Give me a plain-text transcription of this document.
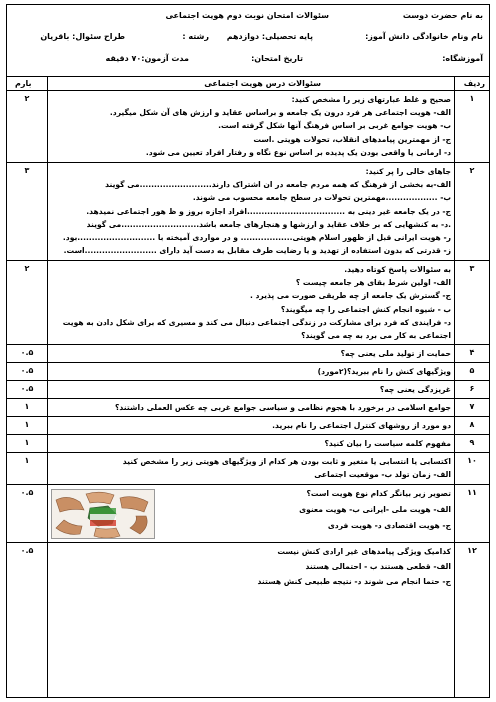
به نام حضرت دوست
سئوالات امتحان نوبت دوم هویت اجتماعی
نام ونام خانوادگی دانش آموز:
پایه تحصیلی: دوازدهم
رشته :
طراح سئوال: باقریان
آموزشگاه:
تاریخ امتحان:
مدت آزمون:۷۰ دقیقه
ردیف
سئوالات درس هویت اجتماعی
بارم
۱
صحیح و غلط عبارتهای زیر را مشخص کنید:
الف- هویت اجتماعی هر فرد درون یک جامعه و براساس عقاید و ارزش های آن شکل میگیرد.
ب- هویت جوامع غربی بر اساس فرهنگ آنها شکل گرفته است.
ج- از مهمترین پیامدهای انقلاب، تحولات هویتی .است
د- ارمانی یا واقعی بودن یک پدیده بر اساس نوع نگاه و رفتار افراد تعیین می شود.
۲
۲
جاهای خالی را پر کنید:
الف-به بخشی از فرهنگ که همه مردم جامعه در ان اشتراک دارند.........................می گویند
ب- ..................مهمترین تحولات در سطح جامعه محسوب می شوند.
ج- در یک جامعه غیر دینی به ..................................افراد اجازه بروز و ظ هور اجتماعی نمیدهد.
.د- به کنشهایی که بر خلاف عقاید و ارزشها و هنجارهای جامعه باشد...........................می گویند
ر- هویت ایرانی قبل از ظهور اسلام هویتی.................. و در مواردی آمیخته با ...........................بود.
ز- قدرتی که بدون استفاده از تهدید و یا رضایت طرف مقابل به دست آید دارای .........................است.
۳
۳
به سئوالات پاسخ کوتاه دهید.
الف- اولین شرط بقای هر جامعه چیست ؟
ج- گسترش یک جامعه از چه طریقی صورت می پذیرد .
ب - شیوه انجام کنش اجتماعی را چه میگویند؟
د- فرایندی که فرد برای مشارکت در زندگی اجتماعی دنبال می کند و مسیری که برای شکل دادن به هویت
اجتماعی به کار می برد به چه می گویند؟
۲
۴
حمایت از تولید ملی یعنی چه؟
۰.۵
۵
ویژگیهای کنش را نام ببرید؟(۲مورد)
۰.۵
۶
غریزدگی یعنی چه؟
۰.۵
۷
جوامع اسلامی در برخورد با هجوم نظامی و سیاسی جوامع غربی چه عکس العملی داشتند؟
۱
۸
دو مورد از روشهای کنترل اجتماعی را نام ببرید.
۱
۹
مفهوم کلمه سیاست را بیان کنید؟
۱
۱۰
اکتسابی یا انتسابی یا متغیر و ثابت بودن هر کدام از ویژگیهای هویتی زیر را مشخص کنید
الف- زمان تولد ب- موقعیت اجتماعی
۱
۱۱
تصویر زیر بیانگر کدام نوع هویت است؟
الف- هویت ملی -ایرانی ب- هویت معنوی
ج- هویت اقتصادی د- هویت فردی
۰.۵
۱۲
کدامیک ویژگی پیامدهای غیر ارادی کنش نیست
الف- قطعی هستند ب - احتمالی هستند
ج- حتما انجام می شوند د- نتیجه طبیعی کنش هستند
۰.۵
